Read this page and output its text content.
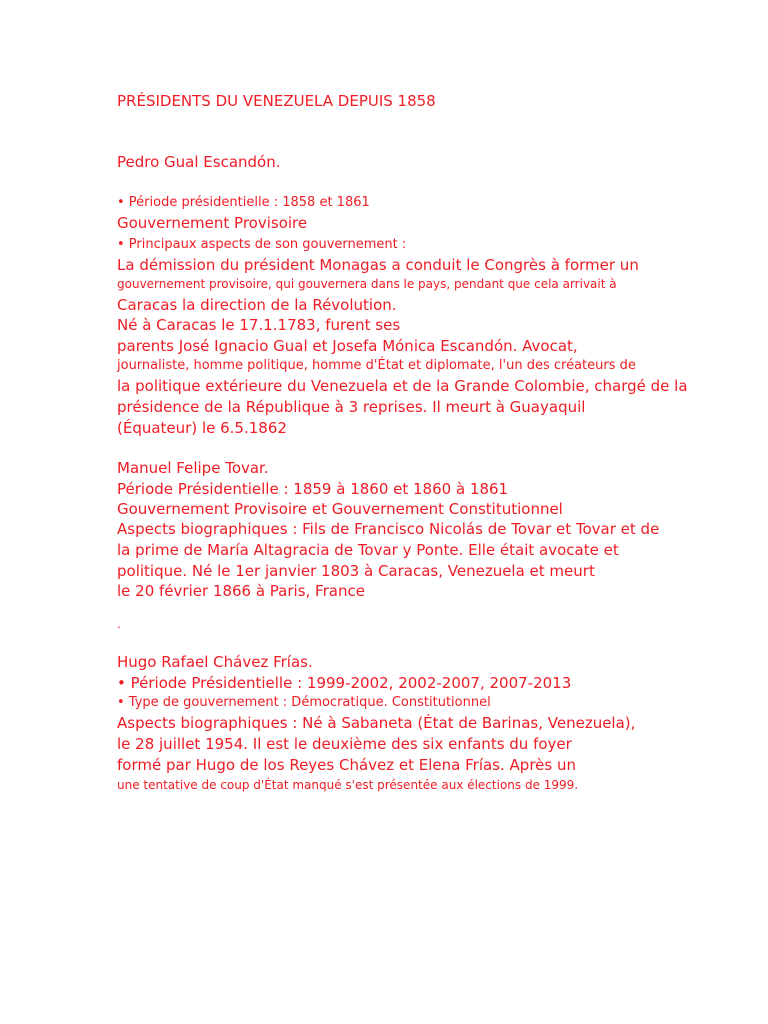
PRÉSIDENTS DU VENEZUELA DEPUIS 1858
Pedro Gual Escandón.
• Période présidentielle : 1858 et 1861
Gouvernement Provisoire
• Principaux aspects de son gouvernement :
La démission du président Monagas a conduit le Congrès à former un
gouvernement provisoire, qui gouvernera dans le pays, pendant que cela arrivait à
Caracas la direction de la Révolution.
Né à Caracas le 17.1.1783, furent ses
parents José Ignacio Gual et Josefa Mónica Escandón. Avocat,
journaliste, homme politique, homme d'État et diplomate, l'un des créateurs de
la politique extérieure du Venezuela et de la Grande Colombie, chargé de la
présidence de la République à 3 reprises. Il meurt à Guayaquil
(Équateur) le 6.5.1862
Manuel Felipe Tovar.
Période Présidentielle : 1859 à 1860 et 1860 à 1861
Gouvernement Provisoire et Gouvernement Constitutionnel
Aspects biographiques : Fils de Francisco Nicolás de Tovar et Tovar et de
la prime de María Altagracia de Tovar y Ponte. Elle était avocate et
politique. Né le 1er janvier 1803 à Caracas, Venezuela et meurt
le 20 février 1866 à Paris, France
.
Hugo Rafael Chávez Frías.
• Période Présidentielle : 1999-2002, 2002-2007, 2007-2013
• Type de gouvernement : Démocratique. Constitutionnel
Aspects biographiques : Né à Sabaneta (État de Barinas, Venezuela),
le 28 juillet 1954. Il est le deuxième des six enfants du foyer
formé par Hugo de los Reyes Chávez et Elena Frías. Après un
une tentative de coup d'État manqué s'est présentée aux élections de 1999.
